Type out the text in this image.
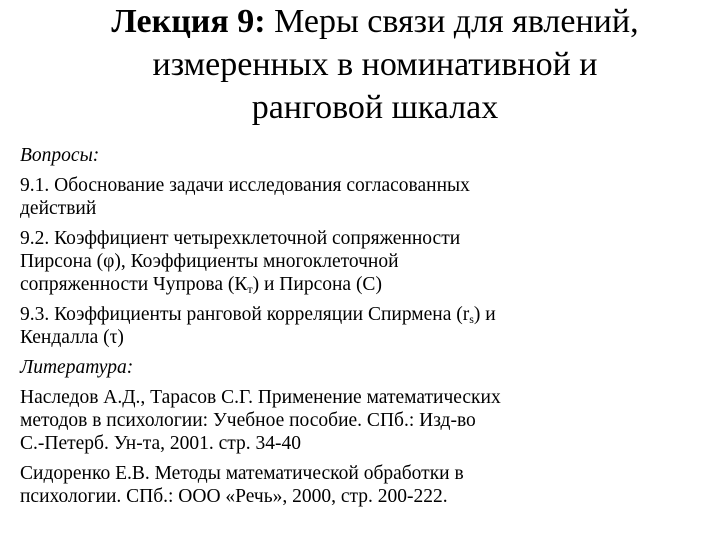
Лекция 9: Меры связи для явлений,
измеренных в номинативной и
ранговой шкалах
Вопросы:
9.1. Обоснование задачи исследования согласованных
действий
9.2. Коэффициент четырехклеточной сопряженности
Пирсона (φ), Коэффициенты многоклеточной
сопряженности Чупрова $(К_т)$ и Пирсона (С)
9.3. Коэффициенты ранговой корреляции Спирмена $(r_s)$ и
Кендалла (τ)
Литература:
Наследов А.Д., Тарасов С.Г. Применение математических
методов в психологии: Учебное пособие. СПб.: Изд-во
С.-Петерб. Ун-та, 2001. стр. 34-40
Сидоренко Е.В. Методы математической обработки в
психологии. СПб.: ООО «Речь», 2000, стр. 200-222.
